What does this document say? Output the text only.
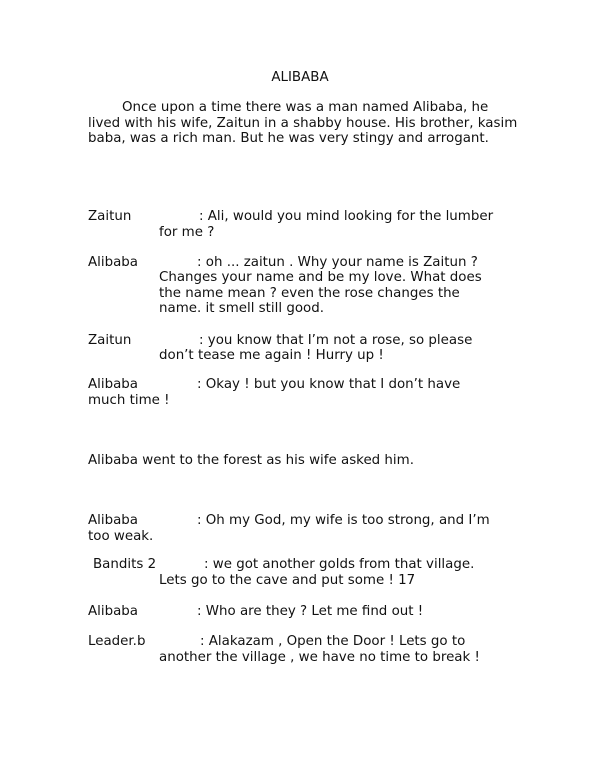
ALIBABA

Once upon a time there was a man named Alibaba, he lived with his wife, Zaitun in a shabby house. His brother, kasim baba, was a rich man. But he was very stingy and arrogant.

Zaitun	: Ali, would you mind looking for the lumber
for me ?
Alibaba	: oh ... zaitun . Why your name is Zaitun ?
Changes your name and be my love. What does the name mean ? even the rose changes the name. it smell still good.
Zaitun	: you know that I’m not a rose, so please
don’t tease me again ! Hurry up !
Alibaba	: Okay ! but you know that I don’t have
much time !

Alibaba went to the forest as his wife asked him.

Alibaba	: Oh my God, my wife is too strong, and I’m
too weak.
Bandits 2	: we got another golds from that village.
Lets go to the cave and put some ! 17
Alibaba	: Who are they ? Let me find out !
Leader.b	: Alakazam , Open the Door ! Lets go to
another the village , we have no time to break !
